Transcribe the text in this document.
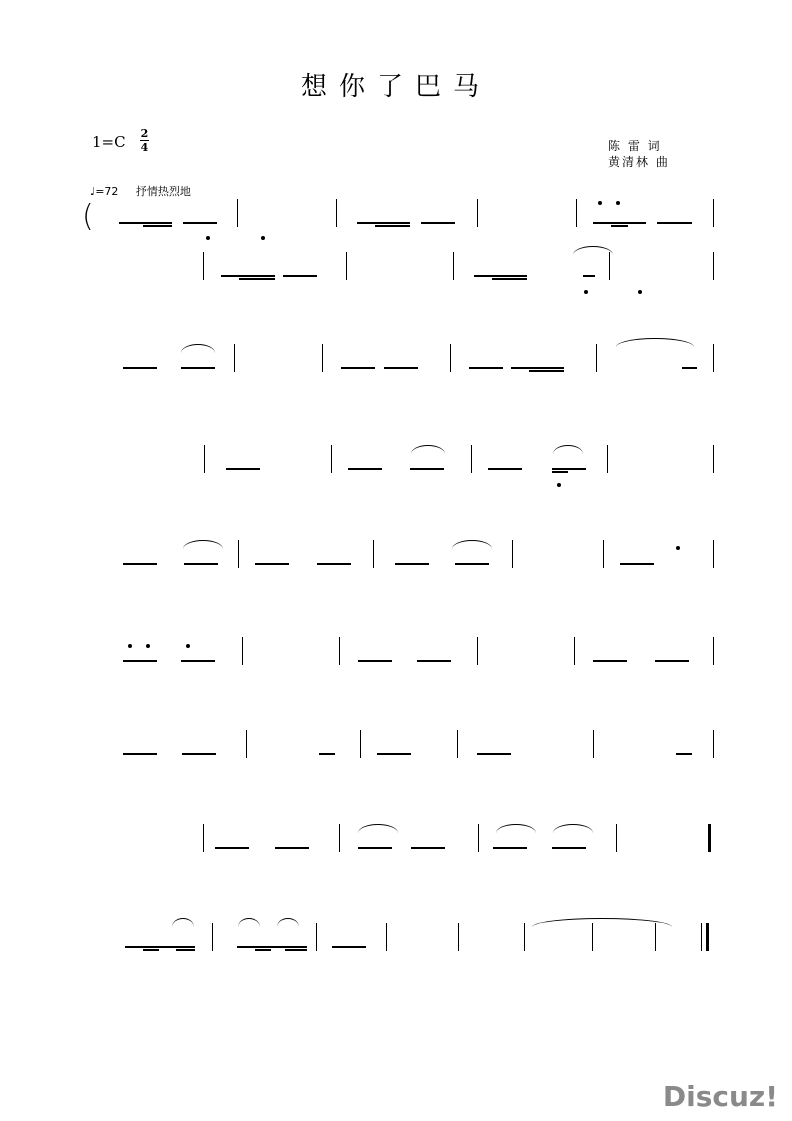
想你了巴马
1=C 2
4	陈 雷 词
黄清林 曲
♩=72 抒情热烈地
(
Discuz!
